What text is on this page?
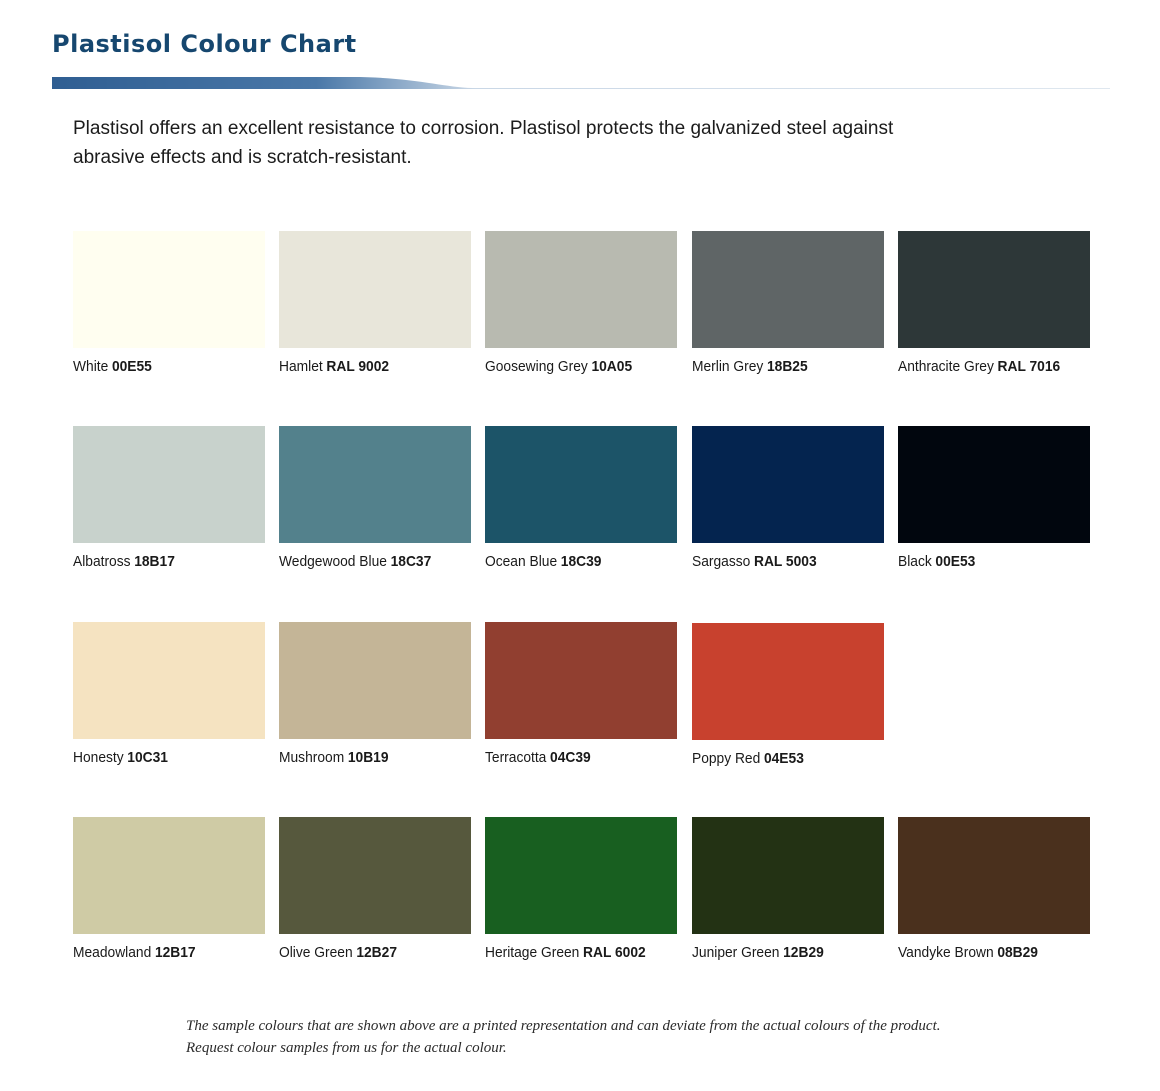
Plastisol Colour Chart
Plastisol offers an excellent resistance to corrosion. Plastisol protects the galvanized steel against
abrasive effects and is scratch-resistant.
White 00E55	Hamlet RAL 9002	Goosewing Grey 10A05	Merlin Grey 18B25	Anthracite Grey RAL 7016
Albatross 18B17	Wedgewood Blue 18C37	Ocean Blue 18C39	Sargasso RAL 5003	Black 00E53
Honesty 10C31	Mushroom 10B19	Terracotta 04C39	Poppy Red 04E53
Meadowland 12B17	Olive Green 12B27	Heritage Green RAL 6002	Juniper Green 12B29	Vandyke Brown 08B29
The sample colours that are shown above are a printed representation and can deviate from the actual colours of the product.
Request colour samples from us for the actual colour.
